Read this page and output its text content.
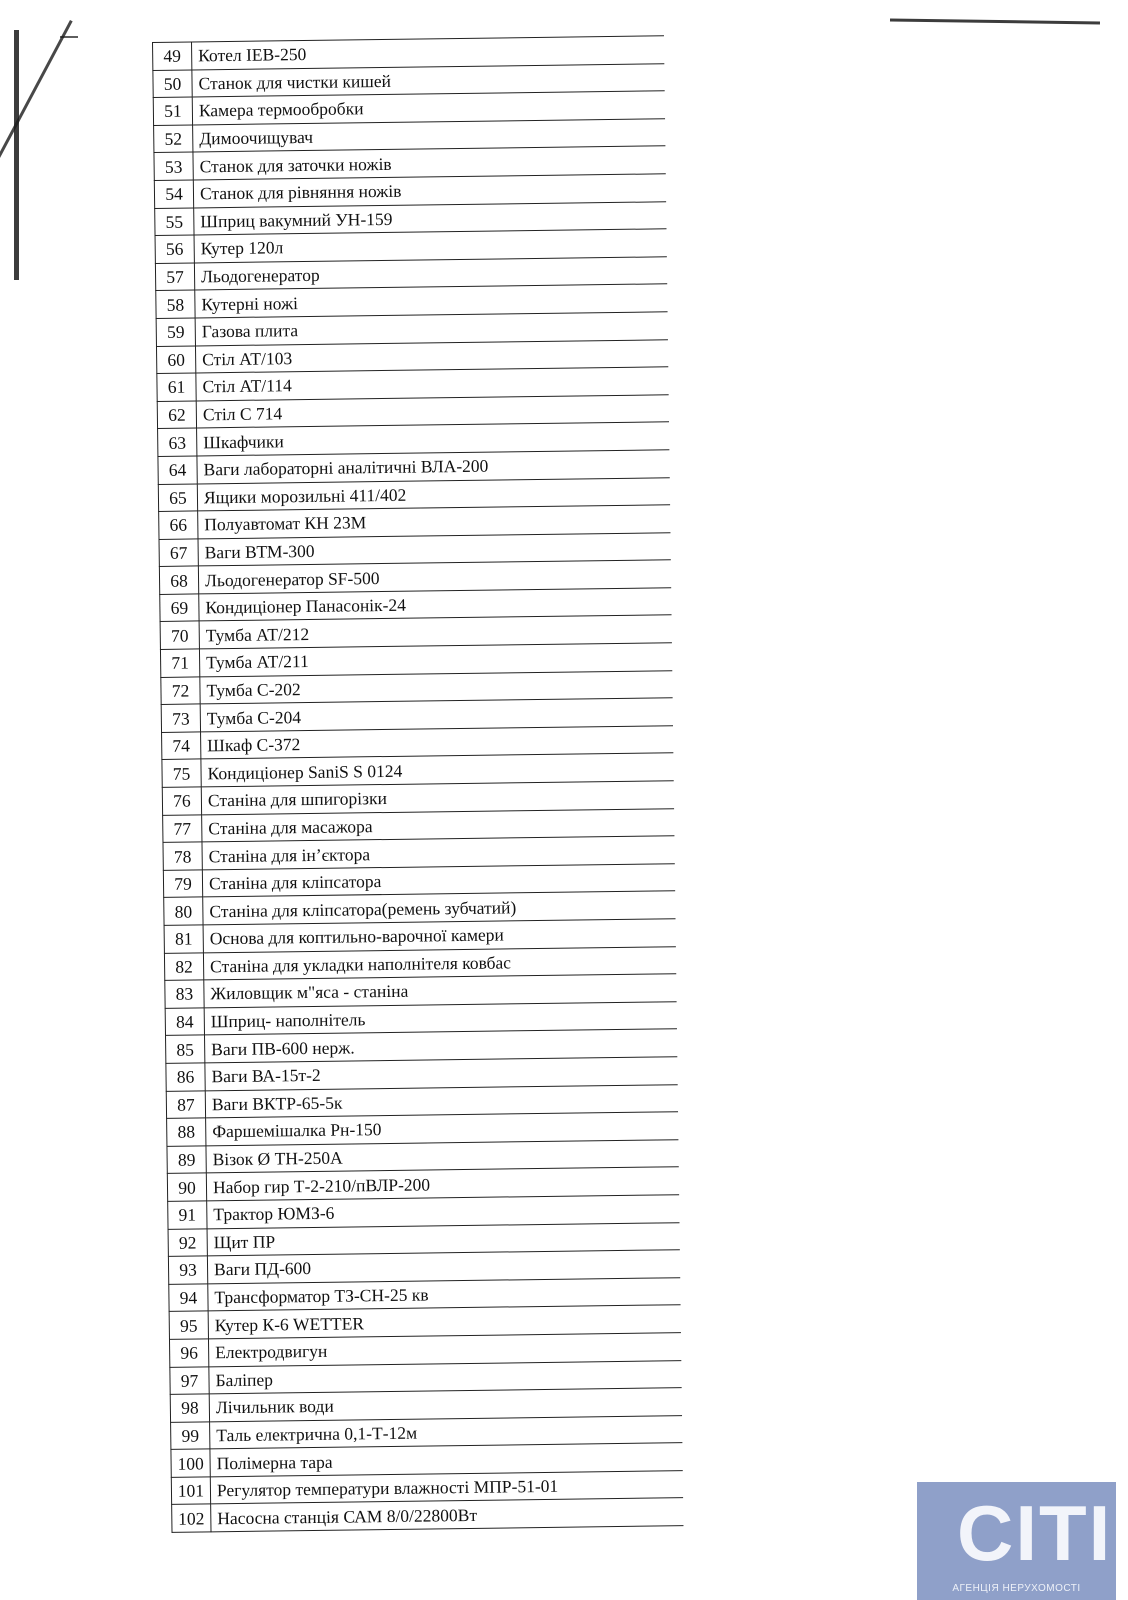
49	Котел IEB-250
50	Станок для чистки кишей
51	Камера термообробки
52	Димоочищувач
53	Станок для заточки ножів
54	Станок для рівняння ножів
55	Шприц вакумний УН-159
56	Кутер 120л
57	Льодогенератор
58	Кутерні ножі
59	Газова плита
60	Стіл АТ/103
61	Стіл АТ/114
62	Стіл С 714
63	Шкафчики
64	Ваги лабораторні аналітичні ВЛА-200
65	Ящики морозильні 411/402
66	Полуавтомат КН 23М
67	Ваги ВТМ-300
68	Льодогенератор SF-500
69	Кондиціонер Панасонік-24
70	Тумба АТ/212
71	Тумба АТ/211
72	Тумба С-202
73	Тумба С-204
74	Шкаф С-372
75	Кондиціонер SaniS S 0124
76	Станіна для шпигорізки
77	Станіна для масажора
78	Станіна для ін’єктора
79	Станіна для кліпсатора
80	Станіна для кліпсатора(ремень зубчатий)
81	Основа для коптильно-варочної камери
82	Станіна для укладки наполнітеля ковбас
83	Жиловщик м"яса - станіна
84	Шприц- наполнітель
85	Ваги ПВ-600 нерж.
86	Ваги ВА-15т-2
87	Ваги ВКТР-65-5к
88	Фаршемішалка Рн-150
89	Візок Ø ТН-250А
90	Набор гир Т-2-210/пВЛР-200
91	Трактор ЮМЗ-6
92	Щит ПР
93	Ваги ПД-600
94	Трансформатор ТЗ-СН-25 кв
95	Кутер К-6 WETTER
96	Електродвигун
97	Баліпер
98	Лічильник води
99	Таль електрична 0,1-Т-12м
100	Полімерна тара
101	Регулятор температури влажності МПР-51-01
102	Насосна станція САМ 8/0/22800Вт	CITI
АГЕНЦІЯ НЕРУХОМОСТІ
